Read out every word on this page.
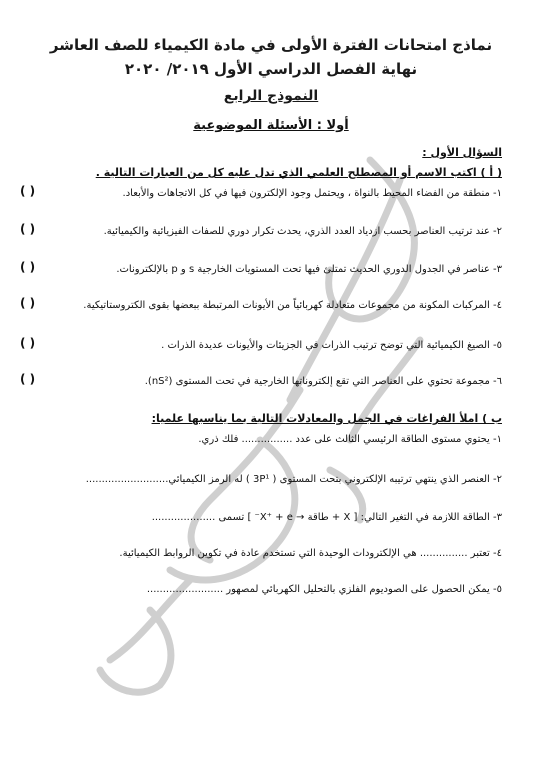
نماذج امتحانات الفترة الأولى في مادة الكيمياء للصف العاشر
نهاية الفصل الدراسي الأول ٢٠١٩/ ٢٠٢٠
النموذج الرابع
أولا : الأسئلة الموضوعية
السؤال الأول :
( أ ) اكتب الاسم أو المصطلح العلمي الذي تدل عليه كل من العبارات التالية .
١- منطقة من الفضاء المحيط بالنواة ، ويحتمل وجود الإلكترون فيها في كل الاتجاهات والأبعاد.
( )
٢- عند ترتيب العناصر بحسب ازدياد العدد الذري، يحدث تكرار دوري للصفات الفيزيائية والكيميائية.
( )
٣- عناصر في الجدول الدوري الحديث تمتلئ فيها تحت المستويات الخارجية s و p بالإلكترونات.
( )
٤- المركبات المكونة من مجموعات متعادلة كهربائياً من الأيونات المرتبطة ببعضها بقوى الكتروستاتيكية.
( )
٥- الصيغ الكيميائية التي توضح ترتيب الذرات في الجزيئات والأيونات عديدة الذرات .
( )
٦- مجموعة تحتوي على العناصر التي تقع إلكتروناتها الخارجية في تحت المستوى (nS²).
( )
ب ) املأ الفراغات في الجمل والمعادلات التالية بما يناسبها علميا:
١- يحتوي مستوى الطاقة الرئيسي الثالث على عدد ................ فلك ذري.
٢- العنصر الذي ينتهي ترتيبه الإلكتروني بتحت المستوى ( 3P¹ ) له الرمز الكيميائي..........................
٣- الطاقة اللازمة في التغير التالي: [ X + طاقة → X⁺ + e⁻ ] تسمى ....................
٤- تعتبر ............... هي الإلكترودات الوحيدة التي تستخدم عادة في تكوين الروابط الكيميائية.
٥- يمكن الحصول على الصوديوم الفلزي بالتحليل الكهربائي لمصهور ........................
